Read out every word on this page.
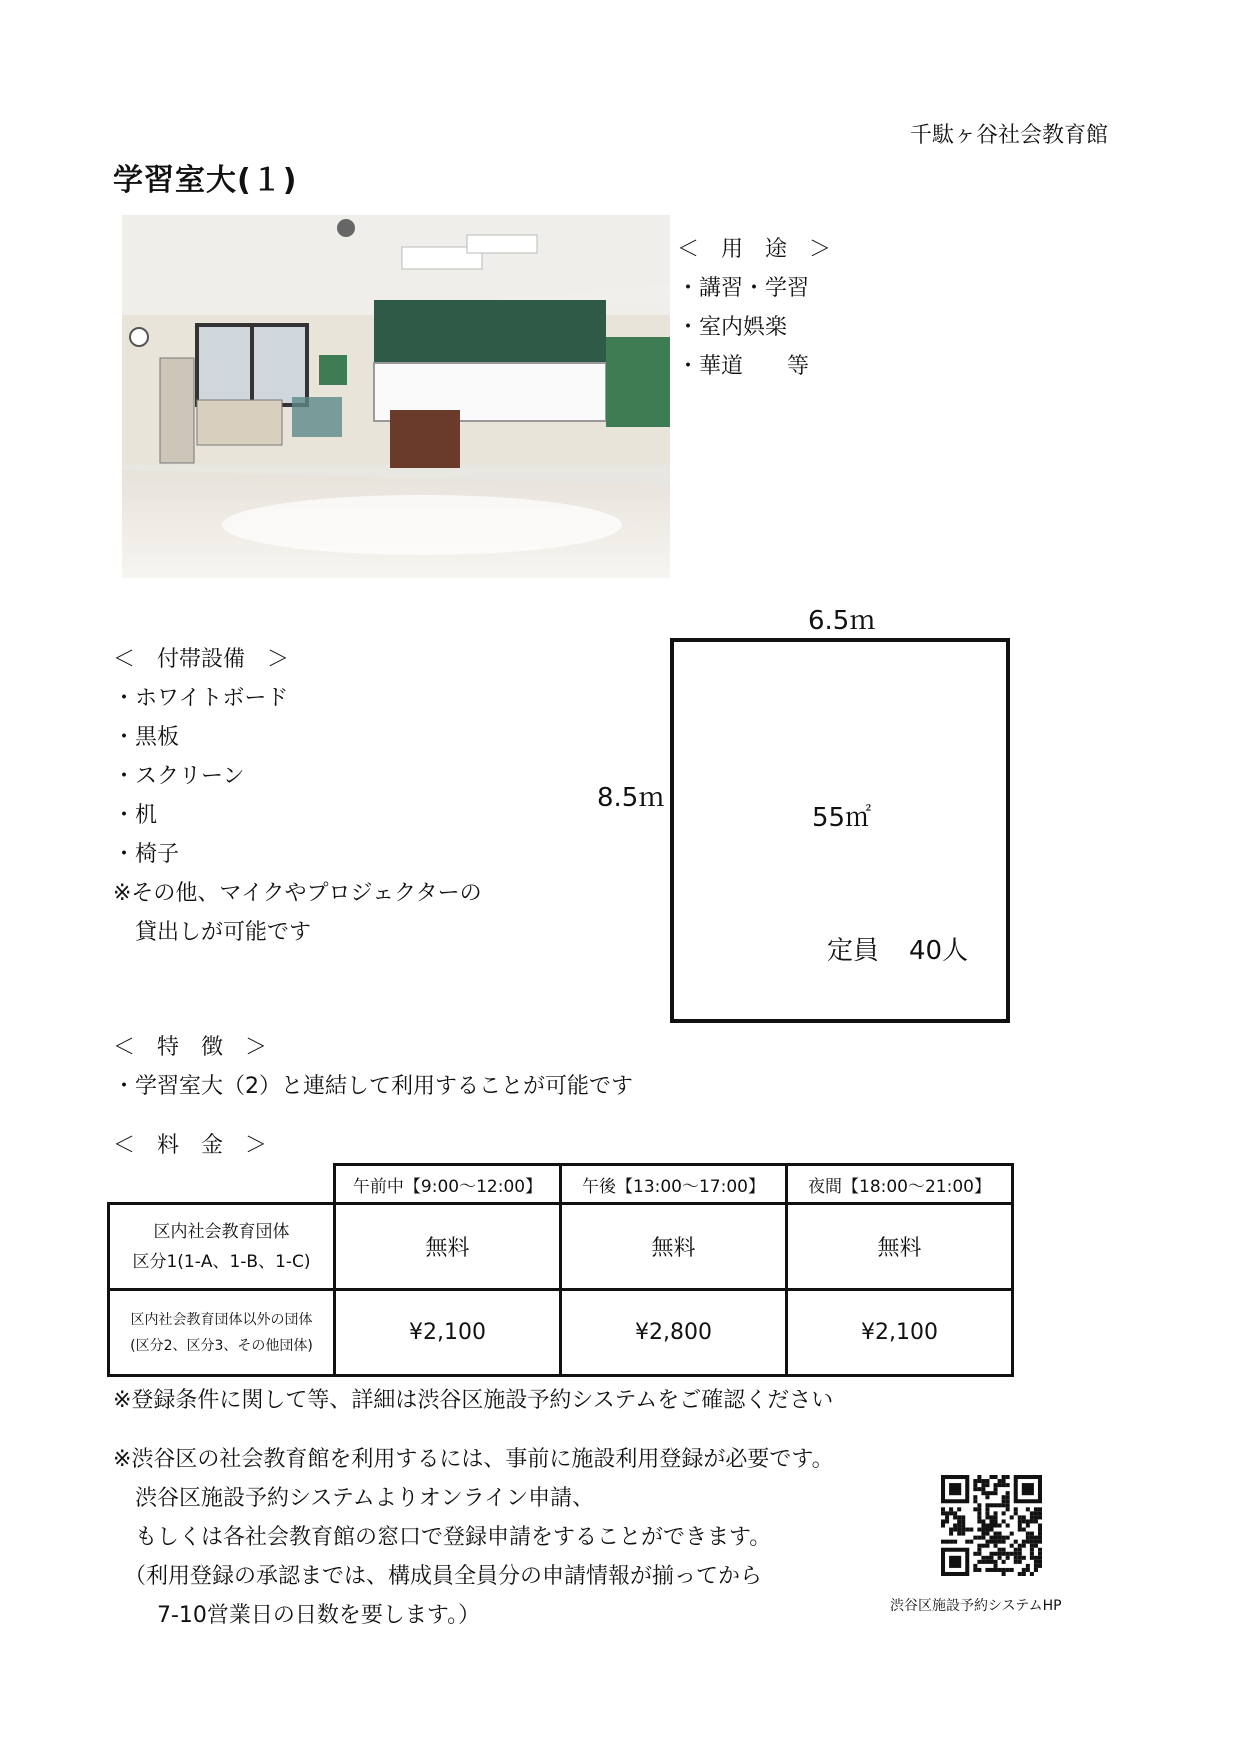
千駄ヶ谷社会教育館
学習室大(１)
＜　用　途　＞
・講習・学習
・室内娯楽
・華道　　等
＜　付帯設備　＞
・ホワイトボード
・黒板
・スクリーン
・机
・椅子
※その他、マイクやプロジェクターの
　貸出しが可能です
6.5ｍ
8.5ｍ
55㎡
定員 40人
＜　特　徴　＞
・学習室大（2）と連結して利用することが可能です
＜　料　金　＞
	午前中【9:00～12:00】	午後【13:00～17:00】	夜間【18:00～21:00】

区内社会教育団体
区分1(1-A、1-B、1-C)	無料	無料	無料

区内社会教育団体以外の団体
(区分2、区分3、その他団体)	¥2,100	¥2,800	¥2,100
※登録条件に関して等、詳細は渋谷区施設予約システムをご確認ください
※渋谷区の社会教育館を利用するには、事前に施設利用登録が必要です。
　渋谷区施設予約システムよりオンライン申請、
　もしくは各社会教育館の窓口で登録申請をすることができます。
　（利用登録の承認までは、構成員全員分の申請情報が揃ってから
　　7-10営業日の日数を要します。）	渋谷区施設予約システムHP
